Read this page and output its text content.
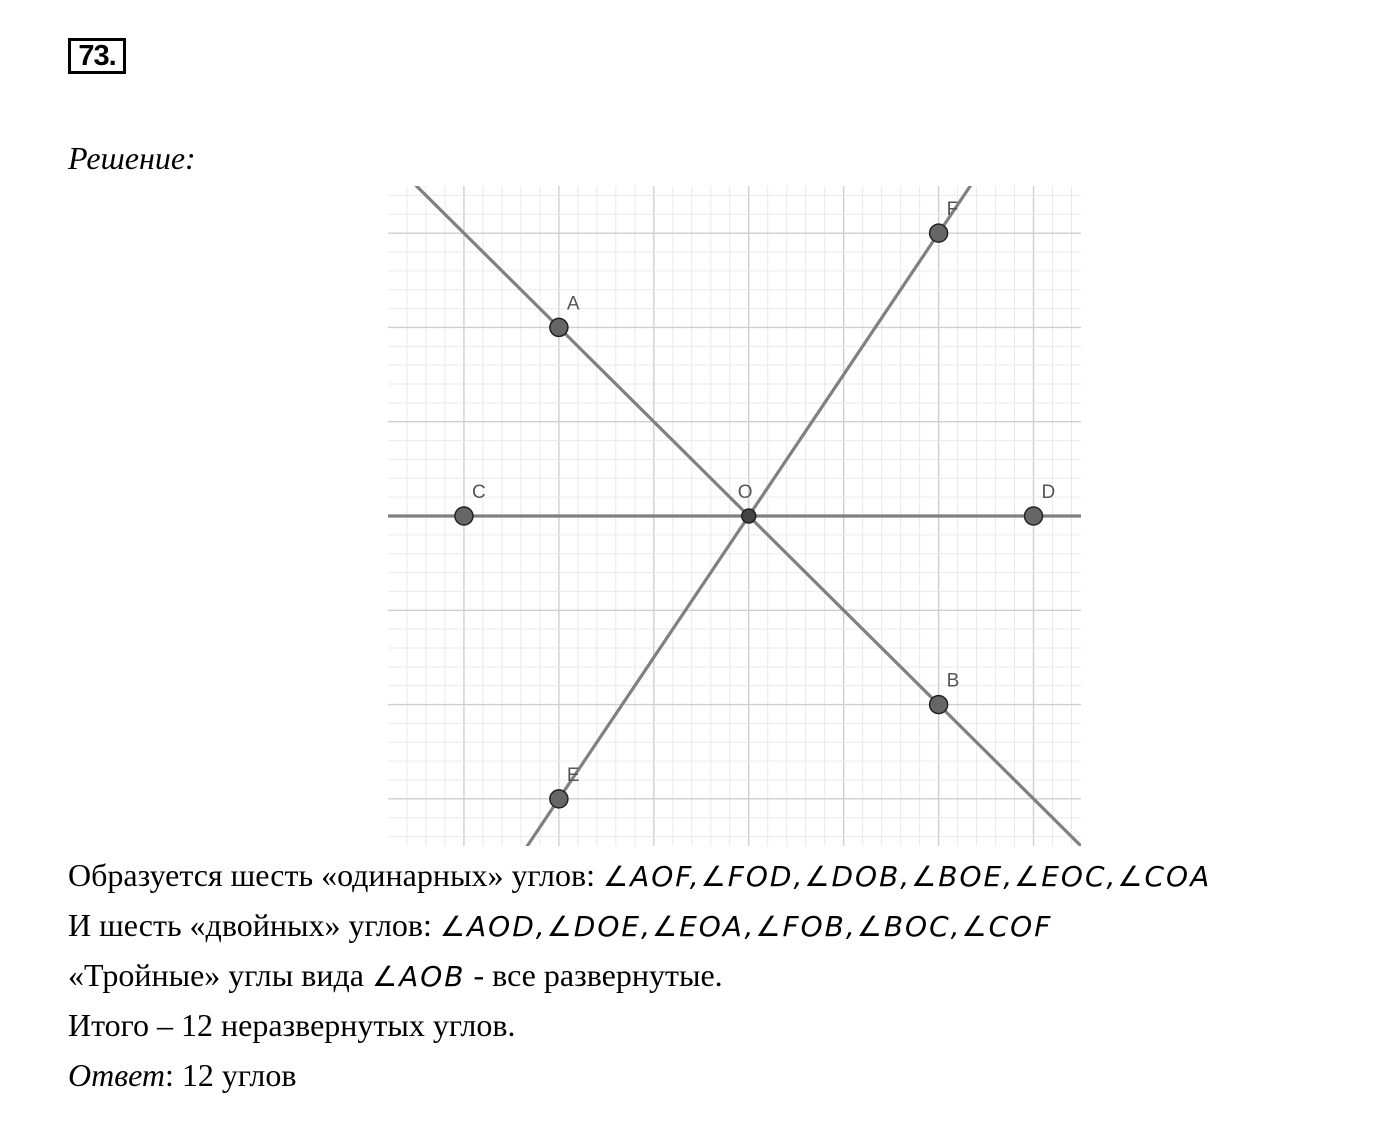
73.
Решение:
A
F
C	O	D
B
E
Образуется шесть «одинарных» углов: ∠AOF,∠FOD,∠DOB,∠BOE,∠EOC,∠COA
И шесть «двойных» углов: ∠AOD,∠DOE,∠EOA,∠FOB,∠BOC,∠COF
«Тройные» углы вида ∠AOB - все развернутые.
Итого – 12 неразвернутых углов.
Ответ: 12 углов
